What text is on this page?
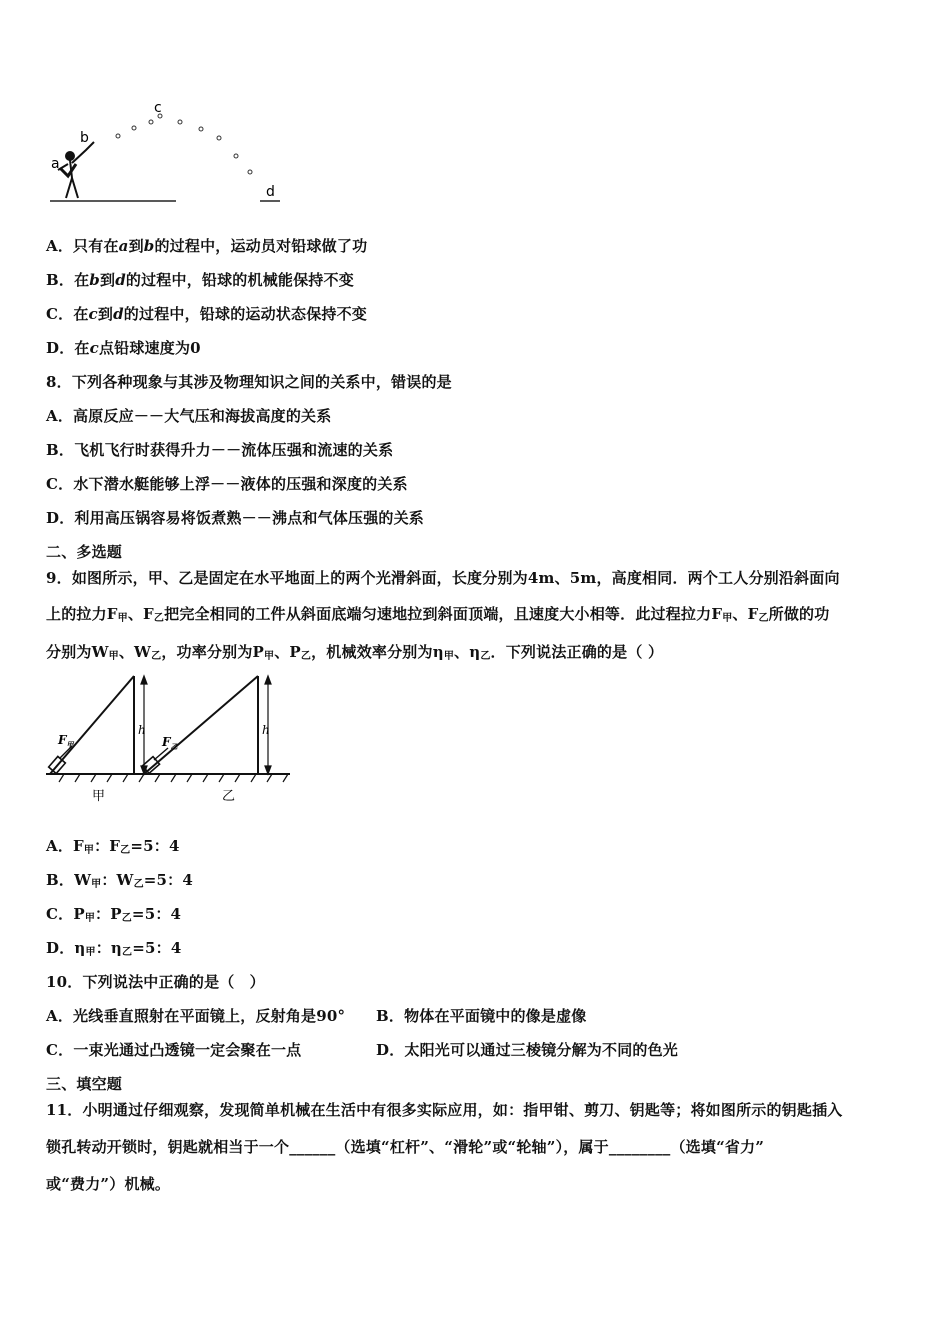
a
b
c
d
A．只有在a到b的过程中，运动员对铅球做了功
B．在b到d的过程中，铅球的机械能保持不变
C．在c到d的过程中，铅球的运动状态保持不变
D．在c点铅球速度为0
8．下列各种现象与其涉及物理知识之间的关系中，错误的是
A．高原反应－－大气压和海拔高度的关系
B．飞机飞行时获得升力－－流体压强和流速的关系
C．水下潜水艇能够上浮－－液体的压强和深度的关系
D．利用高压锅容易将饭煮熟－－沸点和气体压强的关系
二、多选题
9．如图所示，甲、乙是固定在水平地面上的两个光滑斜面，长度分别为4m、5m，高度相同．两个工人分别沿斜面向
上的拉力$F_甲$、$F_乙$把完全相同的工件从斜面底端匀速地拉到斜面顶端，且速度大小相等．此过程拉力$F_甲$、$F_乙$所做的功
分别为$W_甲$、$W_乙$，功率分别为$P_甲$、$P_乙$，机械效率分别为$\eta_甲$、$\eta_乙$．下列说法正确的是（ ）
$F_甲$
h
$F_乙$
h
甲	乙
A．$F_甲$：$F_乙=5$：4
B．$W_甲$：$W_乙=5$：4
C．$P_甲$：$P_乙=5$：4
D．$\eta_甲$：$\eta_乙=5$：4
10．下列说法中正确的是（　）
A．光线垂直照射在平面镜上，反射角是90° B．物体在平面镜中的像是虚像
C．一束光通过凸透镜一定会聚在一点	D．太阳光可以通过三棱镜分解为不同的色光
三、填空题
11．小明通过仔细观察，发现简单机械在生活中有很多实际应用，如：指甲钳、剪刀、钥匙等；将如图所示的钥匙插入
锁孔转动开锁时，钥匙就相当于一个______（选填“杠杆”、“滑轮”或“轮轴”），属于________（选填“省力”
或“费力”）机械。
